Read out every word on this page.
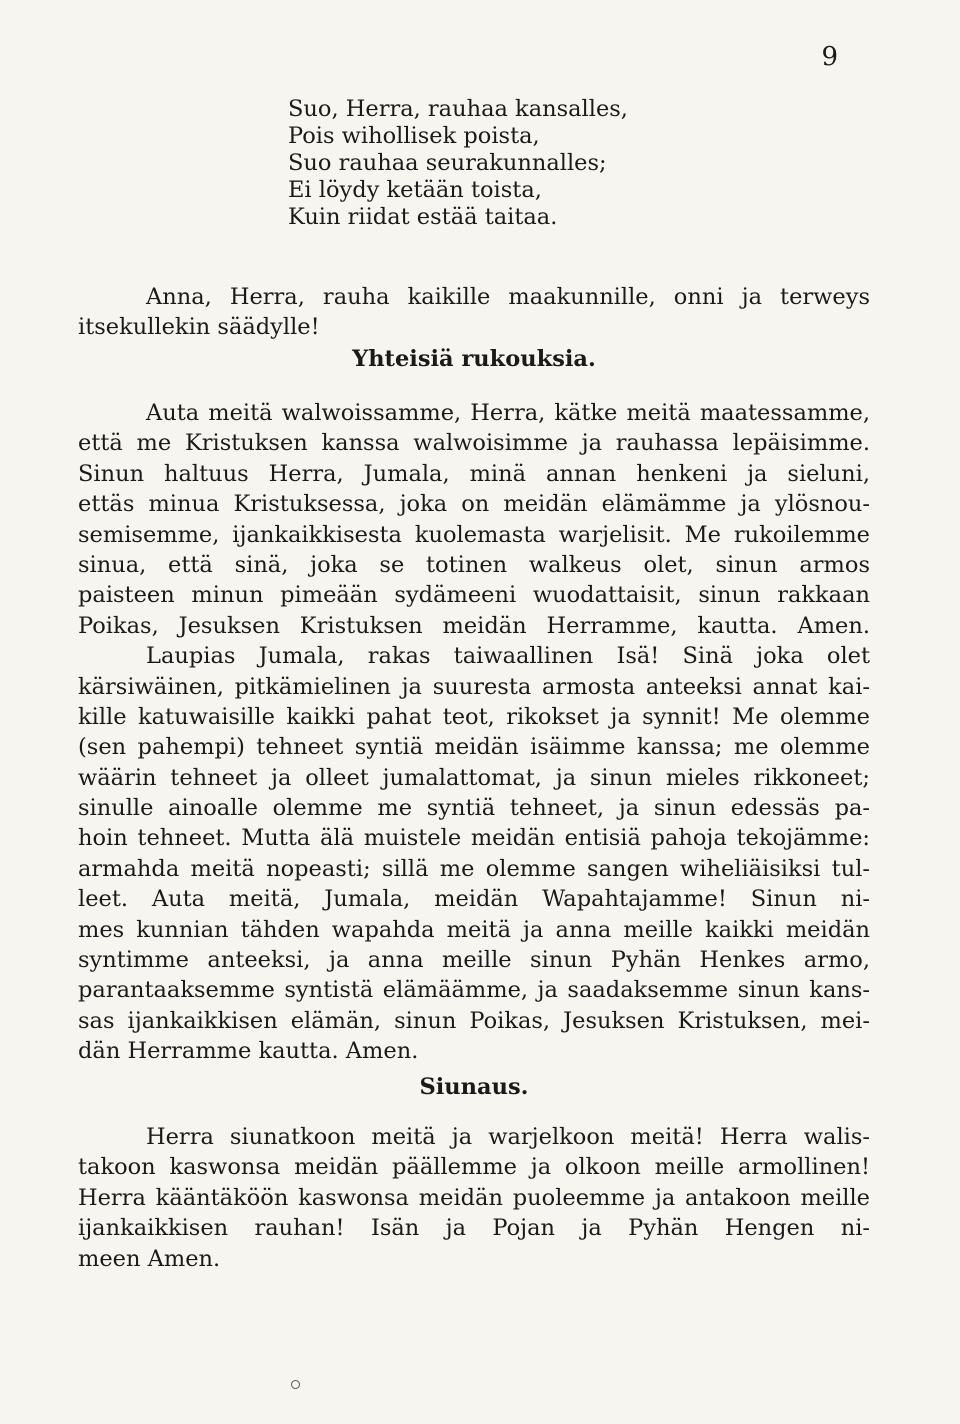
9
Suo, Herra, rauhaa kansalles,
Pois wihollisek poista,
Suo rauhaa seurakunnalles;
Ei löydy ketään toista,
Kuin riidat estää taitaa.
Anna, Herra, rauha kaikille maakunnille, onni ja terweys
itsekullekin säädylle!
Yhteisiä rukouksia.
Auta meitä walwoissamme, Herra, kätke meitä maatessamme,
että me Kristuksen kanssa walwoisimme ja rauhassa lepäisimme.
Sinun haltuus Herra, Jumala, minä annan henkeni ja sieluni,
ettäs minua Kristuksessa, joka on meidän elämämme ja ylösnou-
semisemme, ijankaikkisesta kuolemasta warjelisit. Me rukoilemme
sinua, että sinä, joka se totinen walkeus olet, sinun armos
paisteen minun pimeään sydämeeni wuodattaisit, sinun rakkaan
Poikas, Jesuksen Kristuksen meidän Herramme, kautta. Amen.
Laupias Jumala, rakas taiwaallinen Isä! Sinä joka olet
kärsiwäinen, pitkämielinen ja suuresta armosta anteeksi annat kai-
kille katuwaisille kaikki pahat teot, rikokset ja synnit! Me olemme
(sen pahempi) tehneet syntiä meidän isäimme kanssa; me olemme
wäärin tehneet ja olleet jumalattomat, ja sinun mieles rikkoneet;
sinulle ainoalle olemme me syntiä tehneet, ja sinun edessäs pa-
hoin tehneet. Mutta älä muistele meidän entisiä pahoja tekojämme:
armahda meitä nopeasti; sillä me olemme sangen wiheliäisiksi tul-
leet. Auta meitä, Jumala, meidän Wapahtajamme! Sinun ni-
mes kunnian tähden wapahda meitä ja anna meille kaikki meidän
syntimme anteeksi, ja anna meille sinun Pyhän Henkes armo,
parantaaksemme syntistä elämäämme, ja saadaksemme sinun kans-
sas ijankaikkisen elämän, sinun Poikas, Jesuksen Kristuksen, mei-
dän Herramme kautta. Amen.
Siunaus.
Herra siunatkoon meitä ja warjelkoon meitä! Herra walis-
takoon kaswonsa meidän päällemme ja olkoon meille armollinen!
Herra kääntäköön kaswonsa meidän puoleemme ja antakoon meille
ijankaikkisen rauhan! Isän ja Pojan ja Pyhän Hengen ni-
meen Amen.
